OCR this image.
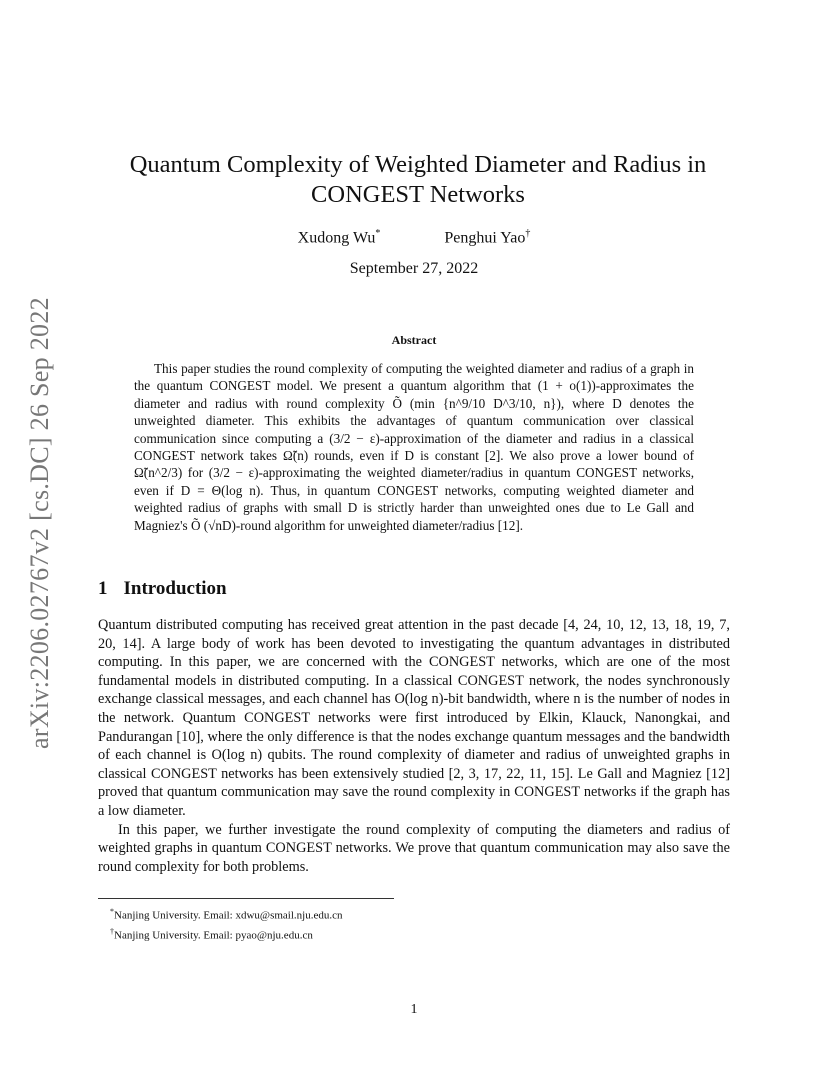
arXiv:2206.02767v2 [cs.DC] 26 Sep 2022
Quantum Complexity of Weighted Diameter and Radius in CONGEST Networks
Xudong Wu*	Penghui Yao†
September 27, 2022
Abstract

This paper studies the round complexity of computing the weighted diameter and radius of a graph in the quantum CONGEST model. We present a quantum algorithm that (1 + o(1))-approximates the diameter and radius with round complexity Õ (min {n^9/10 D^3/10, n}), where D denotes the unweighted diameter. This exhibits the advantages of quantum communication over classical communication since computing a (3/2 − ε)-approximation of the diameter and radius in a classical CONGEST network takes Ω̃(n) rounds, even if D is constant [2]. We also prove a lower bound of Ω̃(n^2/3) for (3/2 − ε)-approximating the weighted diameter/radius in quantum CONGEST networks, even if D = Θ(log n). Thus, in quantum CONGEST networks, computing weighted diameter and weighted radius of graphs with small D is strictly harder than unweighted ones due to Le Gall and Magniez's Õ (√nD)-round algorithm for unweighted diameter/radius [12].

1 Introduction

Quantum distributed computing has received great attention in the past decade [4, 24, 10, 12, 13, 18, 19, 7, 20, 14]. A large body of work has been devoted to investigating the quantum advantages in distributed computing. In this paper, we are concerned with the CONGEST networks, which are one of the most fundamental models in distributed computing. In a classical CONGEST network, the nodes synchronously exchange classical messages, and each channel has O(log n)-bit bandwidth, where n is the number of nodes in the network. Quantum CONGEST networks were first introduced by Elkin, Klauck, Nanongkai, and Pandurangan [10], where the only difference is that the nodes exchange quantum messages and the bandwidth of each channel is O(log n) qubits. The round complexity of diameter and radius of unweighted graphs in classical CONGEST networks has been extensively studied [2, 3, 17, 22, 11, 15]. Le Gall and Magniez [12] proved that quantum communication may save the round complexity in CONGEST networks if the graph has a low diameter.

In this paper, we further investigate the round complexity of computing the diameters and radius of weighted graphs in quantum CONGEST networks. We prove that quantum communication may also save the round complexity for both problems.

*Nanjing University. Email: xdwu@smail.nju.edu.cn
†Nanjing University. Email: pyao@nju.edu.cn
1
